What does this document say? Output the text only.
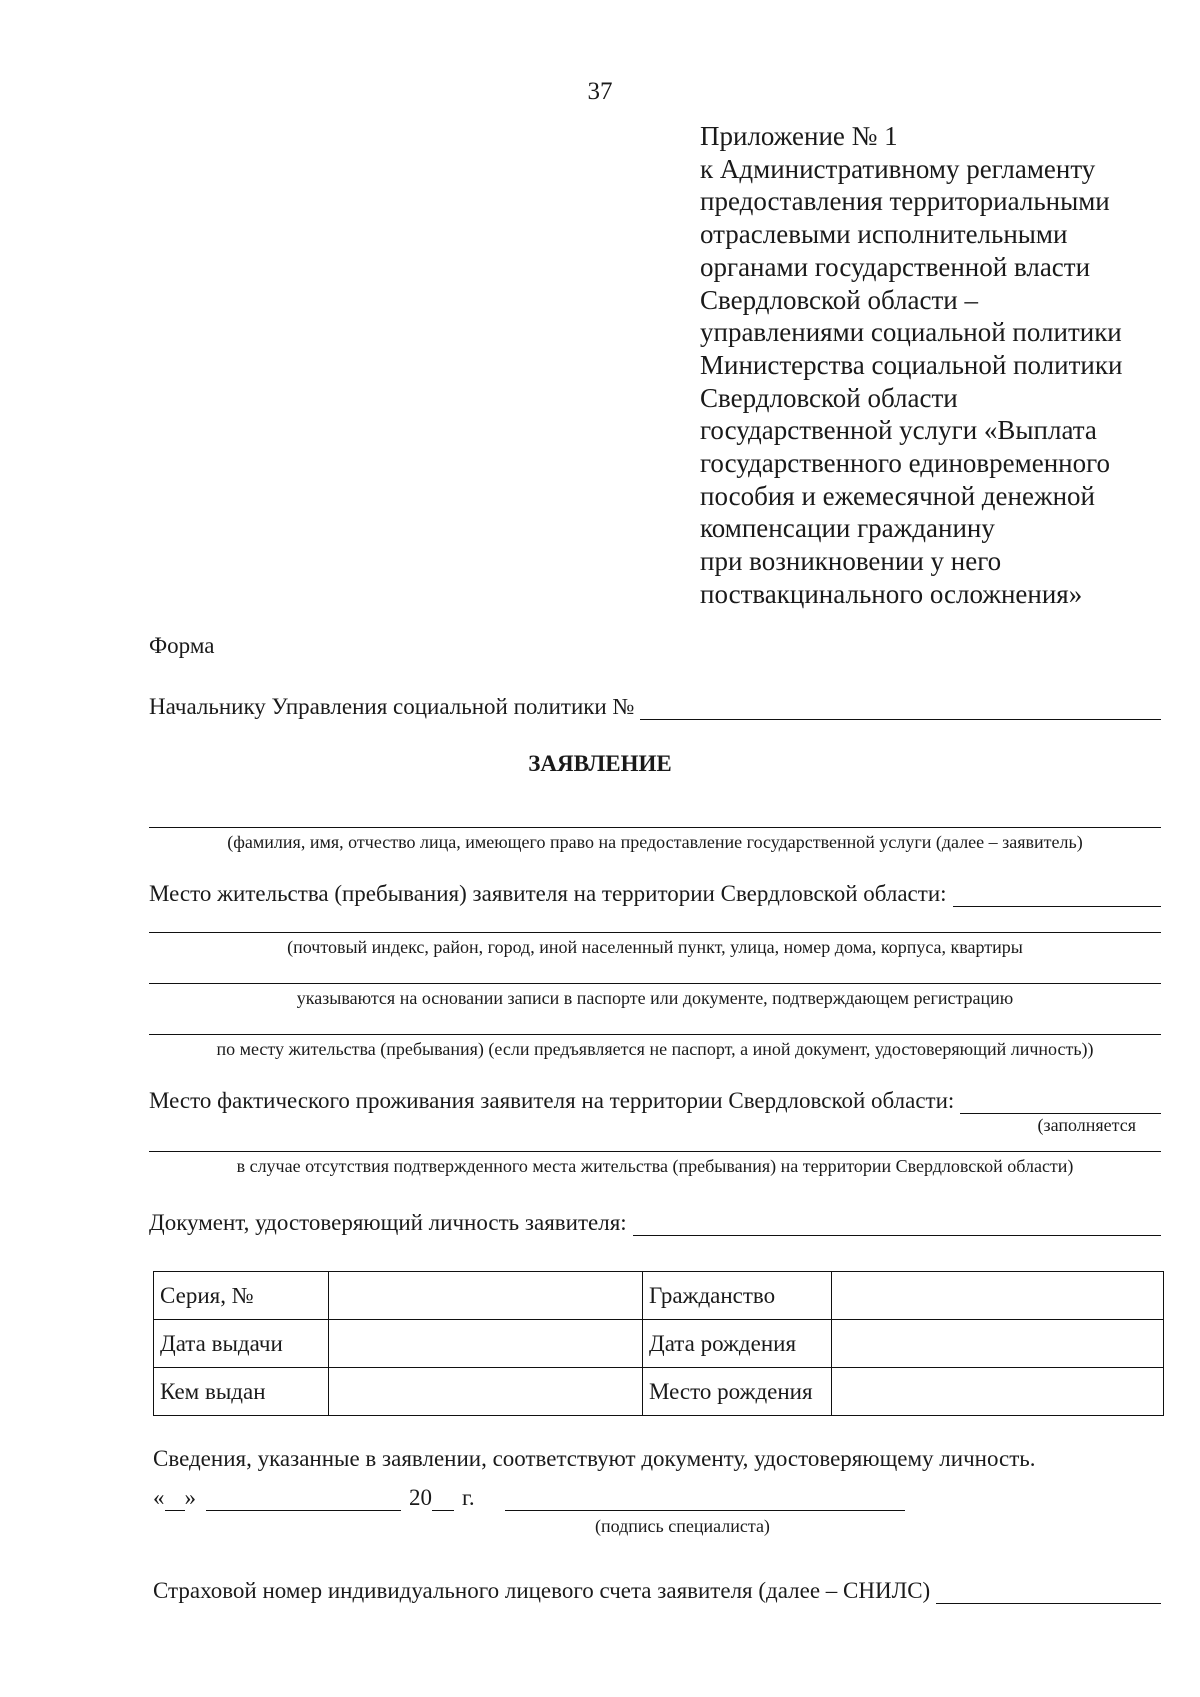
37
Приложение № 1
к Административному регламенту
предоставления территориальными
отраслевыми исполнительными
органами государственной власти
Свердловской области –
управлениями социальной политики
Министерства социальной политики
Свердловской области
государственной услуги «Выплата
государственного единовременного
пособия и ежемесячной денежной
компенсации гражданину
при возникновении у него
поствакцинального осложнения»
Форма
Начальнику Управления социальной политики №
ЗАЯВЛЕНИЕ
(фамилия, имя, отчество лица, имеющего право на предоставление государственной услуги (далее – заявитель)
Место жительства (пребывания) заявителя на территории Свердловской области:
(почтовый индекс, район, город, иной населенный пункт, улица, номер дома, корпуса, квартиры
указываются на основании записи в паспорте или документе, подтверждающем регистрацию
по месту жительства (пребывания) (если предъявляется не паспорт, а иной документ, удостоверяющий личность))
Место фактического проживания заявителя на территории Свердловской области:
(заполняется
в случае отсутствия подтвержденного места жительства (пребывания) на территории Свердловской области)
Документ, удостоверяющий личность заявителя:
Серия, №		Гражданство	
Дата выдачи		Дата рождения	
Кем выдан		Место рождения	
Сведения, указанные в заявлении, соответствуют документу, удостоверяющему личность.
« »	20 г.
(подпись специалиста)
Страховой номер индивидуального лицевого счета заявителя (далее – СНИЛС)
